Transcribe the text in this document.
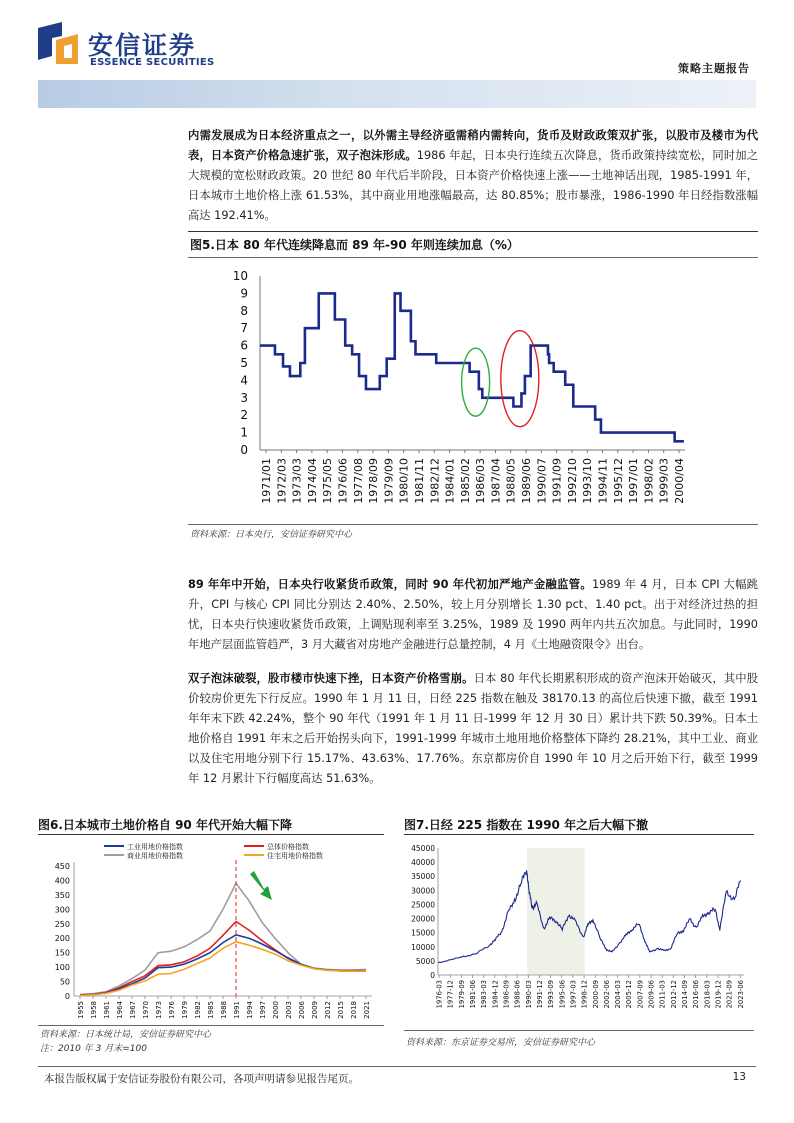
安信证券
ESSENCE SECURITIES	策略主题报告
内需发展成为日本经济重点之一，以外需主导经济亟需稍内需转向，货币及财政政策双扩张，以股市及楼市为代表，日本资产价格急速扩张，双子泡沫形成。1986 年起，日本央行连续五次降息，货币政策持续宽松，同时加之大规模的宽松财政政策。20 世纪 80 年代后半阶段，日本资产价格快速上涨——土地神话出现，1985-1991 年，日本城市土地价格上涨 61.53%，其中商业用地涨幅最高，达 80.85%；股市暴涨，1986-1990 年日经指数涨幅高达 192.41%。
图5.日本 80 年代连续降息而 89 年-90 年则连续加息（%）
0
1
2
3
4
5
6
7
8
9
10
1971/01 1972/03 1973/03 1974/04 1975/05 1976/06 1977/08 1978/09 1979/09 1980/10 1981/11 1982/12 1984/01 1985/02 1986/03 1987/04 1988/05 1989/06 1990/07 1991/09 1992/10 1993/10 1994/11 1995/12 1997/01 1998/02 1999/03 2000/04
资料来源：日本央行，安信证券研究中心
89 年年中开始，日本央行收紧货币政策，同时 90 年代初加严地产金融监管。1989 年 4 月，日本 CPI 大幅跳升，CPI 与核心 CPI 同比分别达 2.40%、2.50%，较上月分别增长 1.30 pct、1.40 pct。出于对经济过热的担忧，日本央行快速收紧货币政策，上调贴现利率至 3.25%，1989 及 1990 两年内共五次加息。与此同时，1990 年地产层面监管趋严，3 月大藏省对房地产金融进行总量控制，4 月《土地融资限令》出台。
双子泡沫破裂，股市楼市快速下挫，日本资产价格雪崩。日本 80 年代长期累积形成的资产泡沫开始破灭，其中股价较房价更先下行反应。1990 年 1 月 11 日，日经 225 指数在触及 38170.13 的高位后快速下撤，截至 1991 年年末下跌 42.24%，整个 90 年代（1991 年 1 月 11 日-1999 年 12 月 30 日）累计共下跌 50.39%。日本土地价格自 1991 年末之后开始拐头向下，1991-1999 年城市土地用地价格整体下降约 28.21%，其中工业、商业以及住宅用地分别下行 15.17%、43.63%、17.76%。东京都房价自 1990 年 10 月之后开始下行，截至 1999 年 12 月累计下行幅度高达 51.63%。
图6.日本城市土地价格自 90 年代开始大幅下降
0
50
100
150
200
250
300
350
400
450
1955 1958 1961 1964 1967 1970 1973 1976 1979 1982 1985 1988 1991 1994 1997 2000 2003 2006 2009 2012 2015 2018 2021
工业用地价格指数
商业用地价格指数
总体价格指数
住宅用地价格指数
资料来源：日本统计局，安信证券研究中心
注：2010 年 3 月末=100
图7.日经 225 指数在 1990 年之后大幅下撤
0
5000
10000
15000
20000
25000
30000
35000
40000
45000
1976-03 1977-12 1979-09 1981-06 1983-03 1984-12 1986-09 1988-06 1990-03 1991-12 1993-09 1995-06 1997-03 1998-12 2000-09 2002-06 2004-03 2005-12 2007-09 2009-06 2011-03 2012-12 2014-09 2016-06 2018-03 2019-12 2021-09 2023-06
资料来源：东京证券交易所，安信证券研究中心
本报告版权属于安信证券股份有限公司，各项声明请参见报告尾页。	13
